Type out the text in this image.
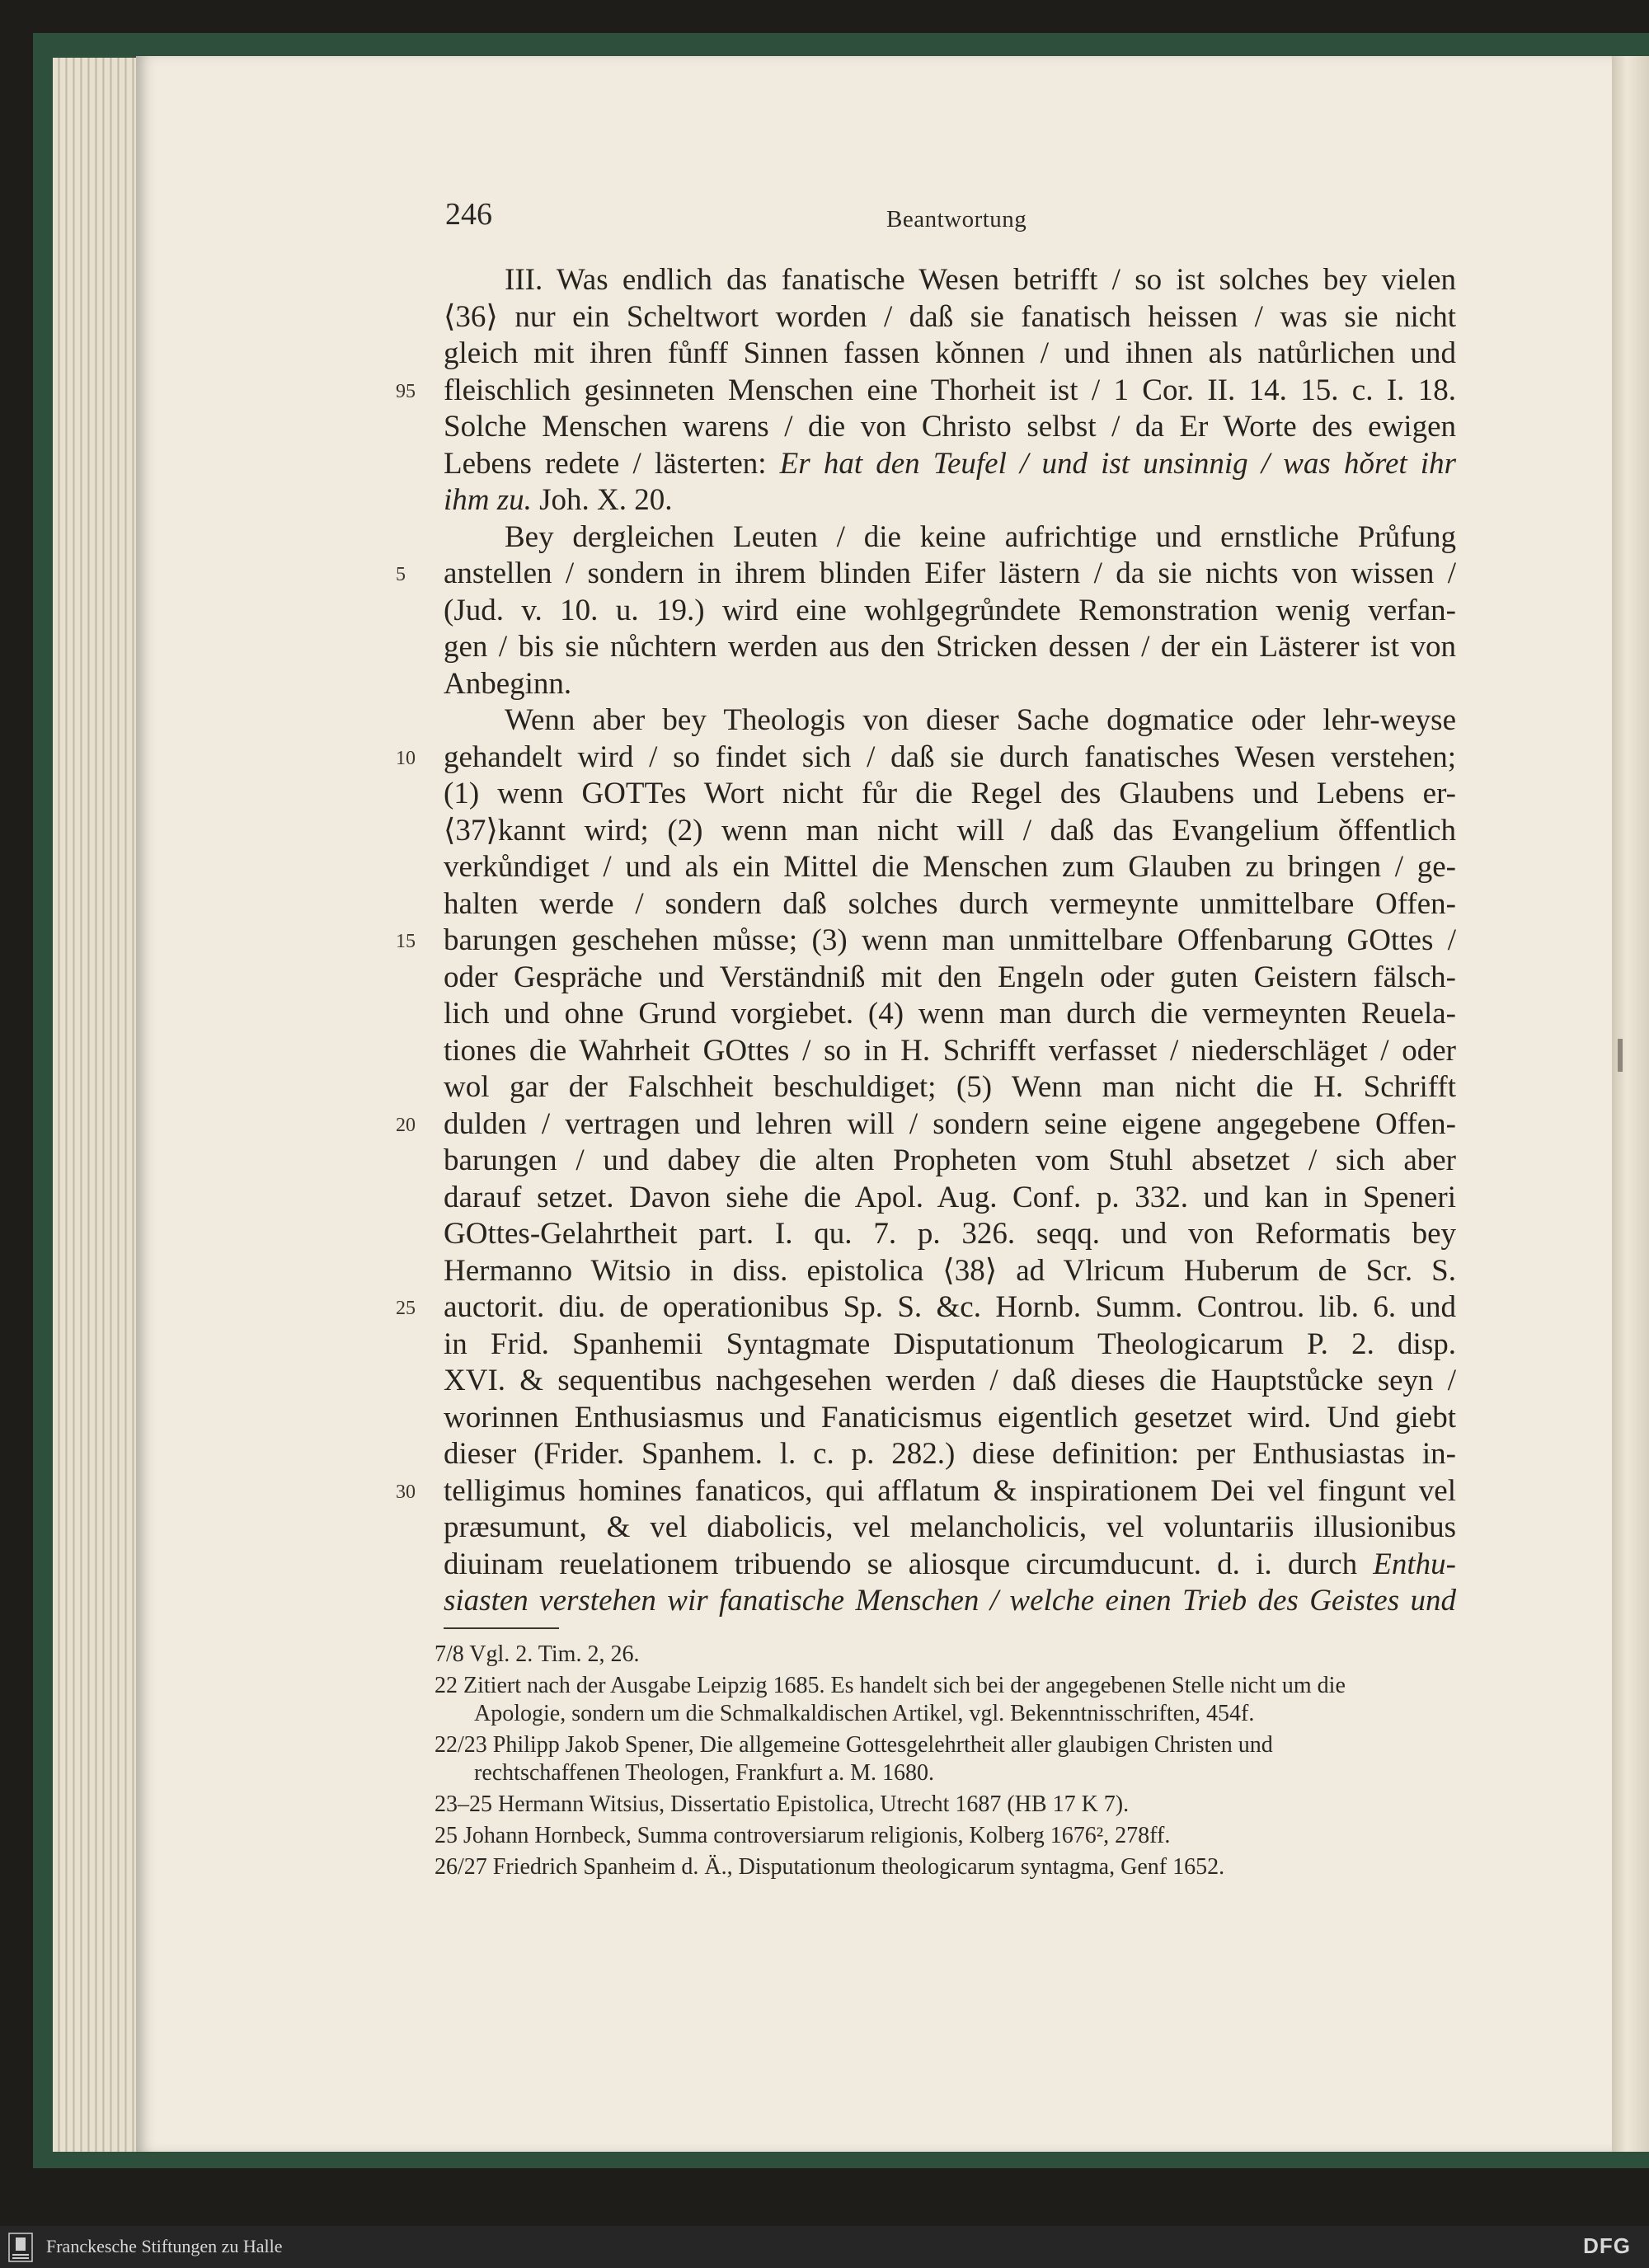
246	Beantwortung
III. Was endlich das fanatische Wesen betrifft / so ist solches bey vielen
⟨36⟩ nur ein Scheltwort worden / daß sie fanatisch heissen / was sie nicht
gleich mit ihren fůnff Sinnen fassen kǒnnen / und ihnen als natůrlichen und
fleischlich gesinneten Menschen eine Thorheit ist / 1 Cor. II. 14. 15. c. I. 18.
95
Solche Menschen warens / die von Christo selbst / da Er Worte des ewigen
Lebens redete / lästerten: Er hat den Teufel / und ist unsinnig / was hǒret ihr
ihm zu. Joh. X. 20.
Bey dergleichen Leuten / die keine aufrichtige und ernstliche Průfung
anstellen / sondern in ihrem blinden Eifer lästern / da sie nichts von wissen /
5
(Jud. v. 10. u. 19.) wird eine wohlgegrůndete Remonstration wenig verfan-
gen / bis sie nůchtern werden aus den Stricken dessen / der ein Lästerer ist von
Anbeginn.
Wenn aber bey Theologis von dieser Sache dogmatice oder lehr-weyse
gehandelt wird / so findet sich / daß sie durch fanatisches Wesen verstehen;
10
(1) wenn GOTTes Wort nicht fůr die Regel des Glaubens und Lebens er-
⟨37⟩kannt wird; (2) wenn man nicht will / daß das Evangelium ǒffentlich
verkůndiget / und als ein Mittel die Menschen zum Glauben zu bringen / ge-
halten werde / sondern daß solches durch vermeynte unmittelbare Offen-
barungen geschehen můsse; (3) wenn man unmittelbare Offenbarung GOttes /
15
oder Gespräche und Verständniß mit den Engeln oder guten Geistern fälsch-
lich und ohne Grund vorgiebet. (4) wenn man durch die vermeynten Reuela-
tiones die Wahrheit GOttes / so in H. Schrifft verfasset / niederschläget / oder
wol gar der Falschheit beschuldiget; (5) Wenn man nicht die H. Schrifft
dulden / vertragen und lehren will / sondern seine eigene angegebene Offen-
20
barungen / und dabey die alten Propheten vom Stuhl absetzet / sich aber
darauf setzet. Davon siehe die Apol. Aug. Conf. p. 332. und kan in Speneri
GOttes-Gelahrtheit part. I. qu. 7. p. 326. seqq. und von Reformatis bey
Hermanno Witsio in diss. epistolica ⟨38⟩ ad Vlricum Huberum de Scr. S.
auctorit. diu. de operationibus Sp. S. &c. Hornb. Summ. Controu. lib. 6. und
25
in Frid. Spanhemii Syntagmate Disputationum Theologicarum P. 2. disp.
XVI. & sequentibus nachgesehen werden / daß dieses die Hauptstůcke seyn /
worinnen Enthusiasmus und Fanaticismus eigentlich gesetzet wird. Und giebt
dieser (Frider. Spanhem. l. c. p. 282.) diese definition: per Enthusiastas in-
telligimus homines fanaticos, qui afflatum & inspirationem Dei vel fingunt vel
30
præsumunt, & vel diabolicis, vel melancholicis, vel voluntariis illusionibus
diuinam reuelationem tribuendo se aliosque circumducunt. d. i. durch Enthu-
siasten verstehen wir fanatische Menschen / welche einen Trieb des Geistes und
7/8 Vgl. 2. Tim. 2, 26.
22 Zitiert nach der Ausgabe Leipzig 1685. Es handelt sich bei der angegebenen Stelle nicht um die
Apologie, sondern um die Schmalkaldischen Artikel, vgl. Bekenntnisschriften, 454f.
22/23 Philipp Jakob Spener, Die allgemeine Gottesgelehrtheit aller glaubigen Christen und
rechtschaffenen Theologen, Frankfurt a. M. 1680.
23–25 Hermann Witsius, Dissertatio Epistolica, Utrecht 1687 (HB 17 K 7).
25 Johann Hornbeck, Summa controversiarum religionis, Kolberg 1676², 278ff.
26/27 Friedrich Spanheim d. Ä., Disputationum theologicarum syntagma, Genf 1652.
Franckesche Stiftungen zu Halle	DFG
